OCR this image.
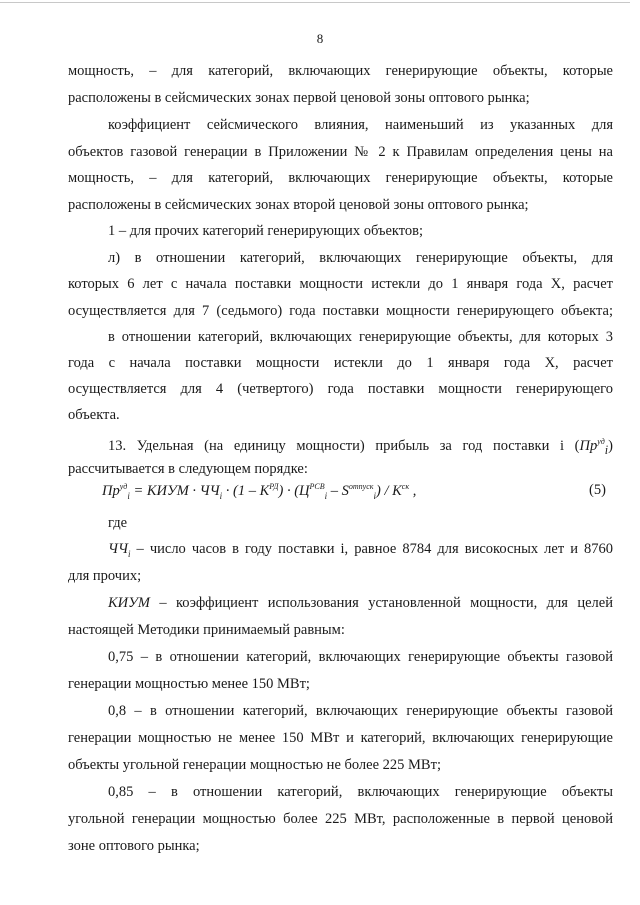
8
мощность, – для категорий, включающих генерирующие объекты, которые
расположены в сейсмических зонах первой ценовой зоны оптового рынка;
коэффициент сейсмического влияния, наименьший из указанных для
объектов газовой генерации в Приложении № 2 к Правилам определения цены на
мощность, – для категорий, включающих генерирующие объекты, которые
расположены в сейсмических зонах второй ценовой зоны оптового рынка;
1 – для прочих категорий генерирующих объектов;
л) в отношении категорий, включающих генерирующие объекты, для
которых 6 лет с начала поставки мощности истекли до 1 января года X, расчет
осуществляется для 7 (седьмого) года поставки мощности генерирующего объекта;
в отношении категорий, включающих генерирующие объекты, для которых 3
года с начала поставки мощности истекли до 1 января года X, расчет
осуществляется для 4 (четвертого) года поставки мощности генерирующего
объекта.
где
$ЧЧ_i$ – число часов в году поставки i, равное 8784 для високосных лет и 8760
для прочих;
КИУМ – коэффициент использования установленной мощности, для целей
настоящей Методики принимаемый равным:
0,75 – в отношении категорий, включающих генерирующие объекты газовой
генерации мощностью менее 150 МВт;
0,8 – в отношении категорий, включающих генерирующие объекты газовой
генерации мощностью не менее 150 МВт и категорий, включающих генерирующие
объекты угольной генерации мощностью не более 225 МВт;
0,85 – в отношении категорий, включающих генерирующие объекты
угольной генерации мощностью более 225 МВт, расположенные в первой ценовой
зоне оптового рынка;
13. Удельная (на единицу мощности) прибыль за год поставки i $(Пр^{уд}_i)$
рассчитывается в следующем порядке:
$Пр^{уд}_i$ = КИУМ · $ЧЧ_i \cdot (1 - K^{РД}) \cdot (Ц^{РСВ}_i - S^{отпуск}_i) / K^{ск}$ ,	(5)
